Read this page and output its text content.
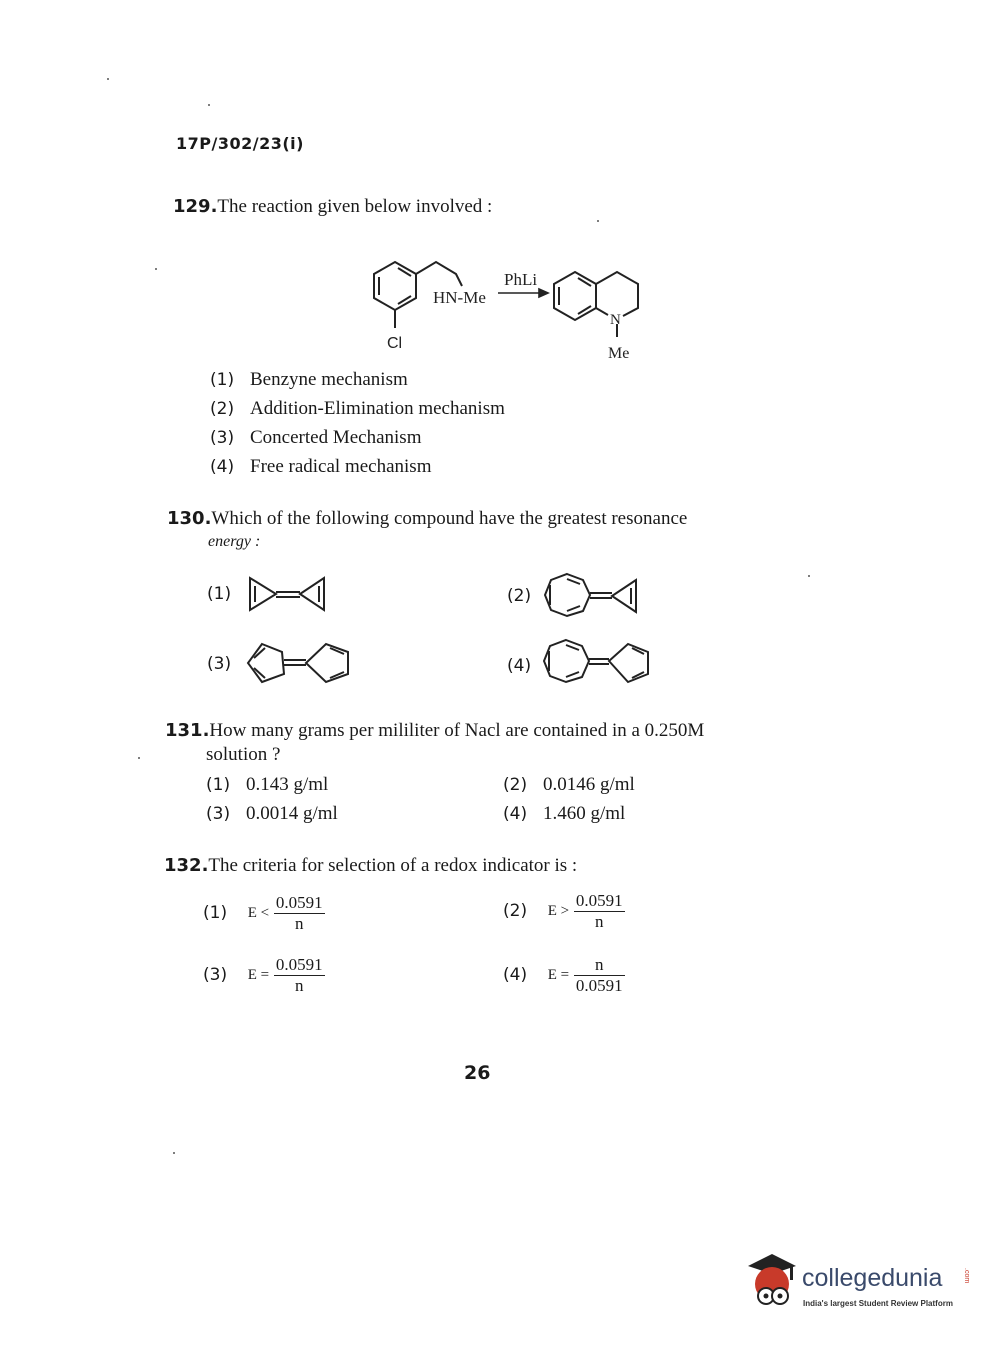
17P/302/23(i)
129.The reaction given below involved :
Cl
HN-Me
PhLi
N
Me
(1) Benzyne mechanism
(2) Addition-Elimination mechanism
(3) Concerted Mechanism
(4) Free radical mechanism
130.Which of the following compound have the greatest resonance
energy :
(1)	(2)
(3)	(4)
131.How many grams per mililiter of Nacl are contained in a 0.250M
solution ?
(1) 0.143 g/ml	(2) 0.0146 g/ml
(3) 0.0014 g/ml	(4) 1.460 g/ml
132.The criteria for selection of a redox indicator is :
(1) $E < \frac{0.0591}{n}$	(2) $E > \frac{0.0591}{n}$
(3) $E = \frac{0.0591}{n}$	(4) $E = \frac{n}{0.0591}$
26
collegedunia	.com
India's largest Student Review Platform
